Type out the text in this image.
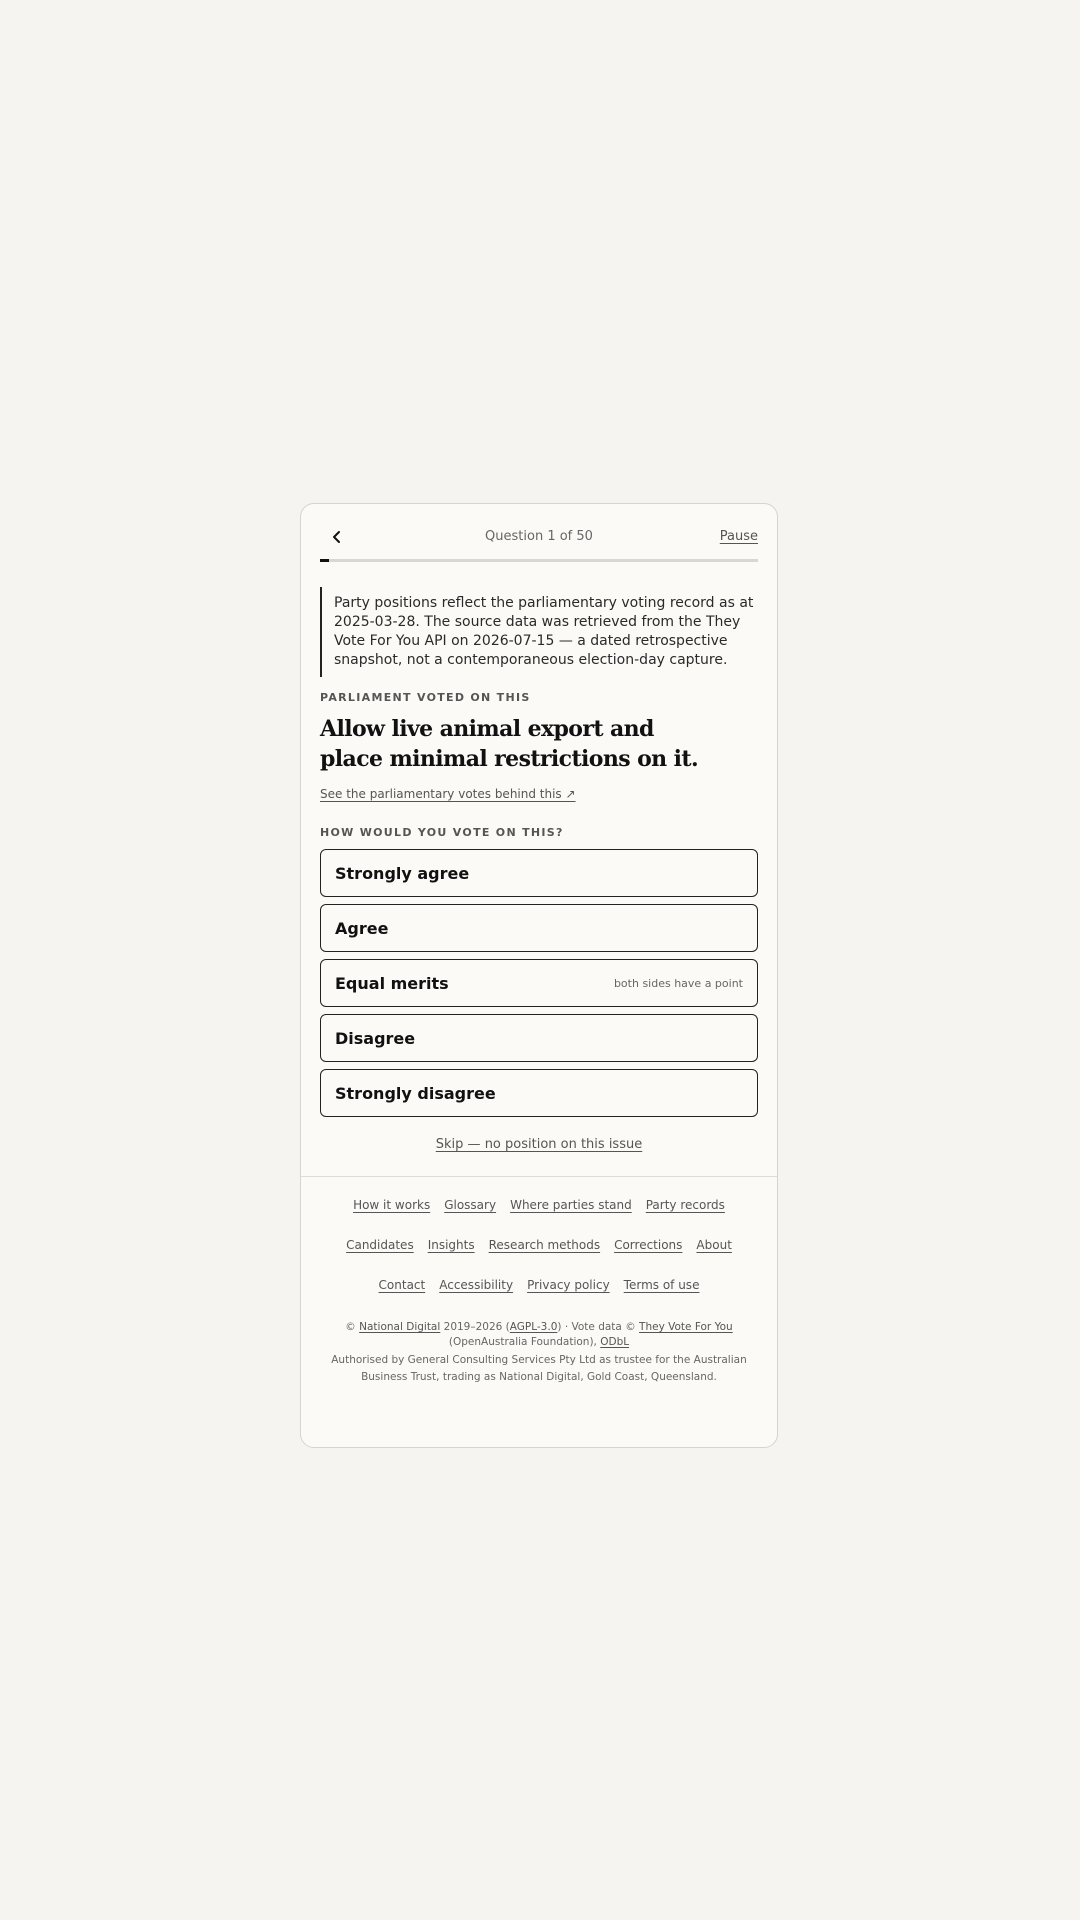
Question 1 of 50	Pause
Party positions reflect the parliamentary voting record as at 2025-03-28. The source data was retrieved from the They Vote For You API on 2026-07-15 — a dated retrospective snapshot, not a contemporaneous election-day capture.
PARLIAMENT VOTED ON THIS
Allow live animal export and place minimal restrictions on it.
See the parliamentary votes behind this ↗
HOW WOULD YOU VOTE ON THIS?
Strongly agree
Agree
Equal merits	both sides have a point
Disagree
Strongly disagree
Skip — no position on this issue
How it works Glossary Where parties stand Party records
Candidates Insights Research methods Corrections About
Contact Accessibility Privacy policy Terms of use
© National Digital 2019–2026 (AGPL-3.0) · Vote data © They Vote For You
(OpenAustralia Foundation), ODbL
Authorised by General Consulting Services Pty Ltd as trustee for the Australian Business Trust, trading as National Digital, Gold Coast, Queensland.
